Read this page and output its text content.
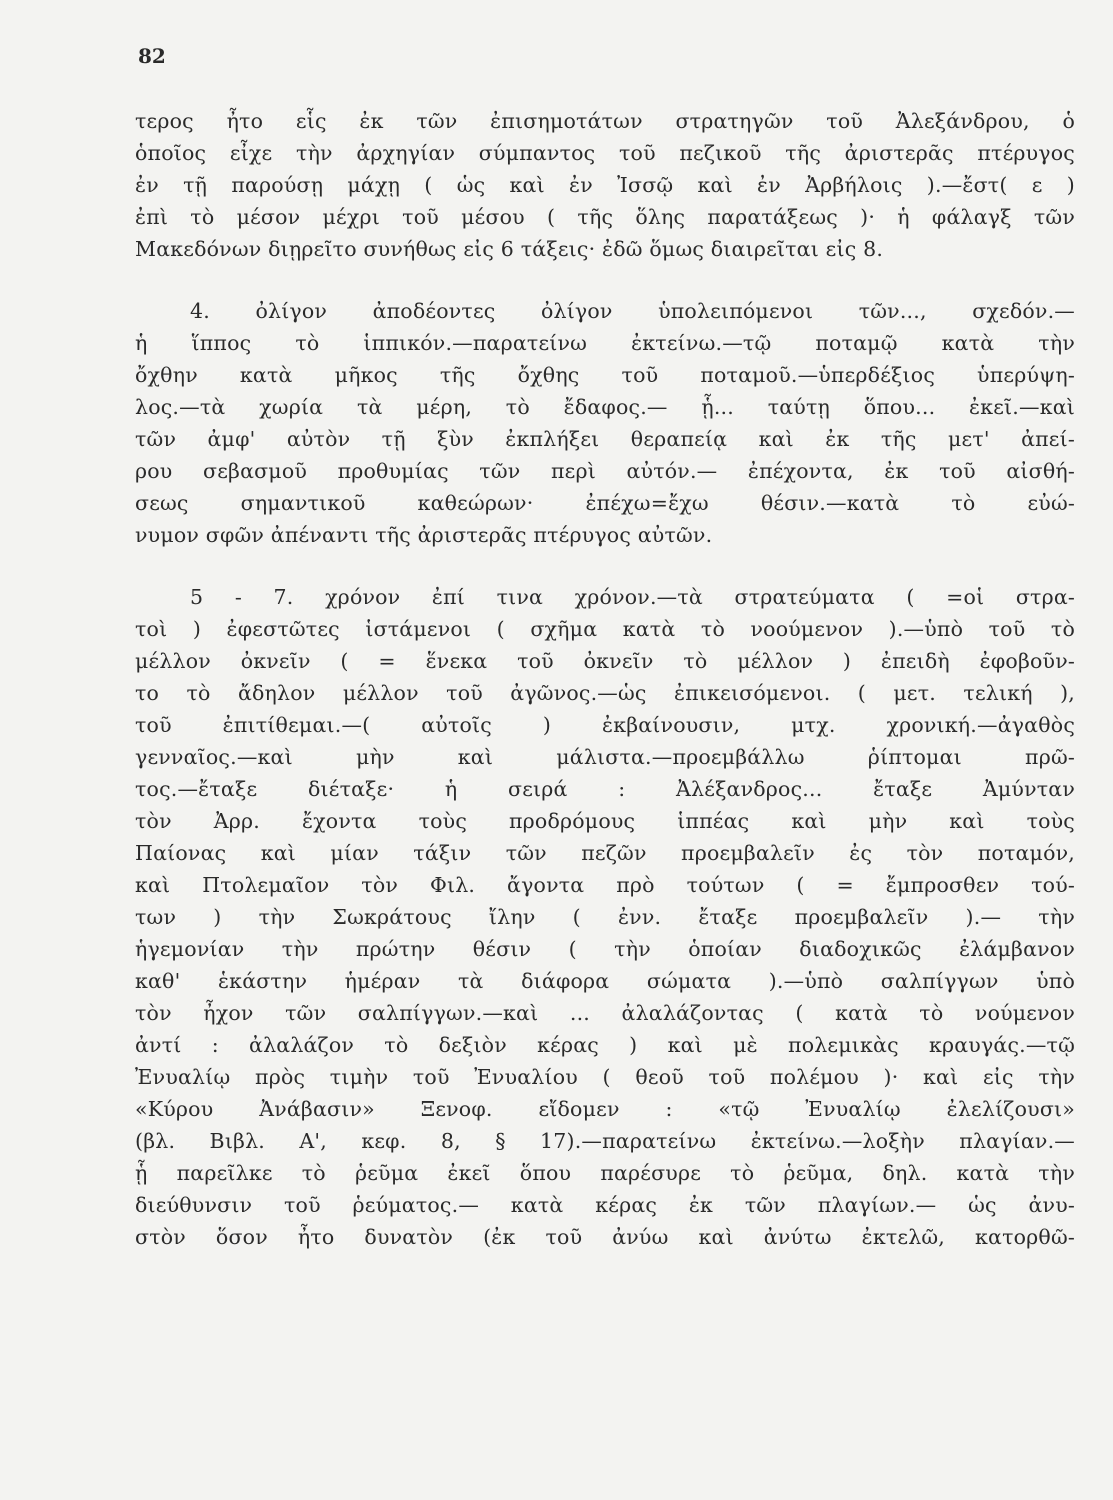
82
τερος ἦτο εἷς ἐκ τῶν ἐπισημοτάτων στρατηγῶν τοῦ Ἀλεξάνδρου, ὁ
ὁποῖος εἶχε τὴν ἀρχηγίαν σύμπαντος τοῦ πεζικοῦ τῆς ἀριστερᾶς πτέρυγος
ἐν τῇ παρούσῃ μάχῃ ( ὡς καὶ ἐν Ἰσσῷ καὶ ἐν Ἀρβήλοις ).—ἔστ( ε )
ἐπὶ τὸ μέσον μέχρι τοῦ μέσου ( τῆς ὅλης παρατάξεως )· ἡ φάλαγξ τῶν
Μακεδόνων διῃρεῖτο συνήθως εἰς 6 τάξεις· ἐδῶ ὅμως διαιρεῖται εἰς 8.
4. ὀλίγον ἀποδέοντες ὀλίγον ὑπολειπόμενοι τῶν..., σχεδόν.—
ἡ ἵππος τὸ ἱππικόν.—παρατείνω ἐκτείνω.—τῷ ποταμῷ κατὰ τὴν
ὄχθην κατὰ μῆκος τῆς ὄχθης τοῦ ποταμοῦ.—ὑπερδέξιος ὑπερύψη-
λος.—τὰ χωρία τὰ μέρη, τὸ ἔδαφος.— ᾗ... ταύτῃ ὅπου... ἐκεῖ.—καὶ
τῶν ἀμφ' αὐτὸν τῇ ξὺν ἐκπλήξει θεραπείᾳ καὶ ἐκ τῆς μετ' ἀπεί-
ρου σεβασμοῦ προθυμίας τῶν περὶ αὐτόν.— ἐπέχοντα, ἐκ τοῦ αἰσθή-
σεως σημαντικοῦ καθεώρων· ἐπέχω=ἔχω θέσιν.—κατὰ τὸ εὐώ-
νυμον σφῶν ἀπέναντι τῆς ἀριστερᾶς πτέρυγος αὐτῶν.
5 - 7. χρόνον ἐπί τινα χρόνον.—τὰ στρατεύματα ( =οἱ στρα-
τοὶ ) ἐφεστῶτες ἱστάμενοι ( σχῆμα κατὰ τὸ νοούμενον ).—ὑπὸ τοῦ τὸ
μέλλον ὀκνεῖν ( = ἕνεκα τοῦ ὀκνεῖν τὸ μέλλον ) ἐπειδὴ ἐφοβοῦν-
το τὸ ἄδηλον μέλλον τοῦ ἀγῶνος.—ὡς ἐπικεισόμενοι. ( μετ. τελική ),
τοῦ ἐπιτίθεμαι.—( αὐτοῖς ) ἐκβαίνουσιν, μτχ. χρονική.—ἀγαθὸς
γενναῖος.—καὶ μὴν καὶ μάλιστα.—προεμβάλλω ῥίπτομαι πρῶ-
τος.—ἔταξε διέταξε· ἡ σειρά : Ἀλέξανδρος... ἔταξε Ἀμύνταν
τὸν Ἀρρ. ἔχοντα τοὺς προδρόμους ἱππέας καὶ μὴν καὶ τοὺς
Παίονας καὶ μίαν τάξιν τῶν πεζῶν προεμβαλεῖν ἐς τὸν ποταμόν,
καὶ Πτολεμαῖον τὸν Φιλ. ἄγοντα πρὸ τούτων ( = ἔμπροσθεν τού-
των ) τὴν Σωκράτους ἴλην ( ἐνν. ἔταξε προεμβαλεῖν ).— τὴν
ἡγεμονίαν τὴν πρώτην θέσιν ( τὴν ὁποίαν διαδοχικῶς ἐλάμβανον
καθ' ἑκάστην ἡμέραν τὰ διάφορα σώματα ).—ὑπὸ σαλπίγγων ὑπὸ
τὸν ἦχον τῶν σαλπίγγων.—καὶ ... ἀλαλάζοντας ( κατὰ τὸ νούμενον
ἀντί : ἀλαλάζον τὸ δεξιὸν κέρας ) καὶ μὲ πολεμικὰς κραυγάς.—τῷ
Ἐνυαλίῳ πρὸς τιμὴν τοῦ Ἐνυαλίου ( θεοῦ τοῦ πολέμου )· καὶ εἰς τὴν
«Κύρου Ἀνάβασιν» Ξενοφ. εἴδομεν : «τῷ Ἐνυαλίῳ ἐλελίζουσι»
(βλ. Βιβλ. Α', κεφ. 8, § 17).—παρατείνω ἐκτείνω.—λοξὴν πλαγίαν.—
ᾗ παρεῖλκε τὸ ῥεῦμα ἐκεῖ ὅπου παρέσυρε τὸ ῥεῦμα, δηλ. κατὰ τὴν
διεύθυνσιν τοῦ ῥεύματος.— κατὰ κέρας ἐκ τῶν πλαγίων.— ὡς ἀνυ-
στὸν ὅσον ἦτο δυνατὸν (ἐκ τοῦ ἀνύω καὶ ἀνύτω ἐκτελῶ, κατορθῶ-
